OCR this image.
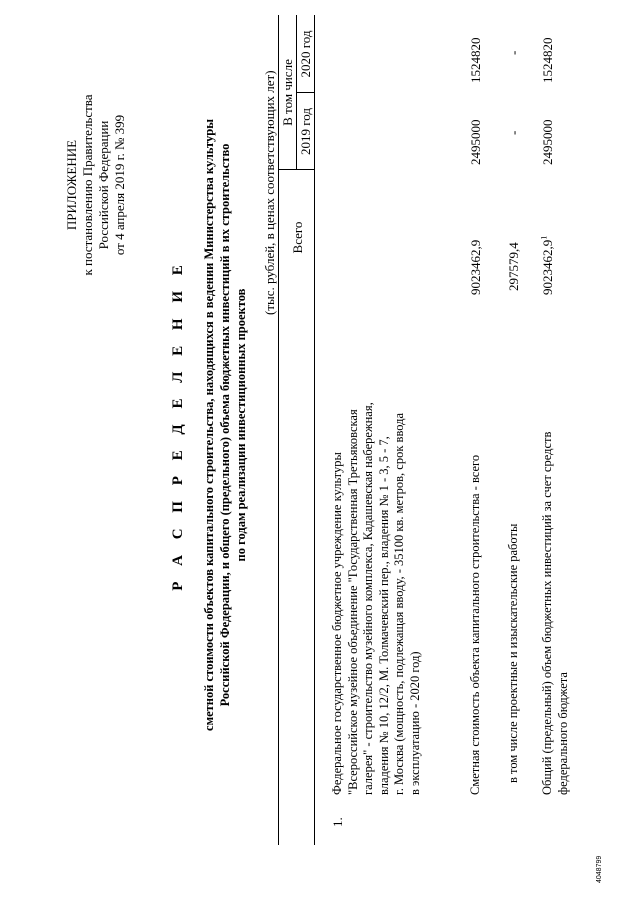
ПРИЛОЖЕНИЕ к постановлению Правительства Российской Федерации от 4 апреля 2019 г. № 399
Р А С П Р Е Д Е Л Е Н И Е сметной стоимости объектов капитального строительства, находящихся в ведении Министерства культуры Российской Федерации, и общего (предельного) объема бюджетных инвестиций в их строительство по годам реализации инвестиционных проектов
(тыс. рублей, в ценах соответствующих лет) Всего
В том числе
2019 год
2020 год
1.
Федеральное государственное бюджетное учреждение культуры "Всероссийское музейное объединение "Государственная Третьяковская галерея" - строительство музейного комплекса, Кадашевская набережная, владения № 10, 12/2, М. Толмачевский пер., владения № 1 - 3, 5 - 7, г. Москва (мощность, подлежащая вводу, - 35100 кв. метров, срок ввода в эксплуатацию - 2020 год)	Сметная стоимость объекта капитального строительства - всего
9023462,9
2495000
1524820
в том числе проектные и изыскательские работы
297579,4
-
-
Общий (предельный) объем бюджетных инвестиций за счет средств федерального бюджета
9023462,9$^1$
2495000
1524820
4048799
